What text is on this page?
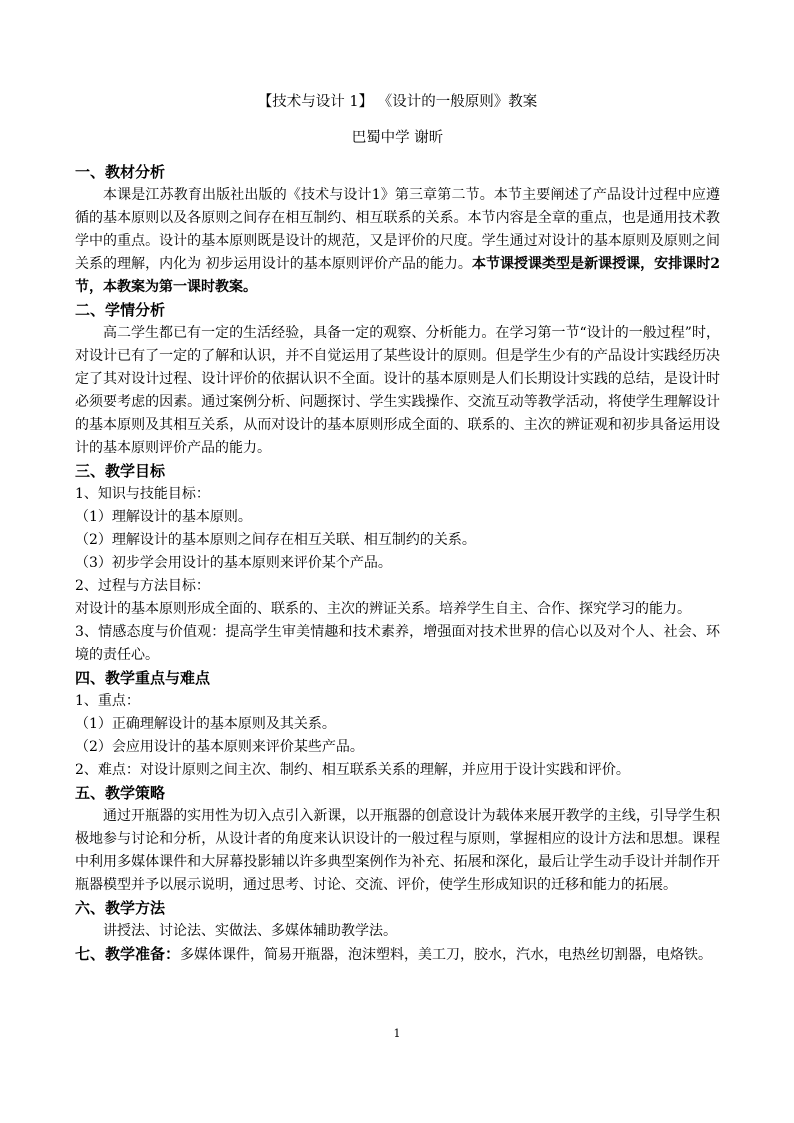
【技术与设计 1】 《设计的一般原则》教案
巴蜀中学 谢昕
一、教材分析
本课是江苏教育出版社出版的《技术与设计1》第三章第二节。本节主要阐述了产品设计过程中应遵循的基本原则以及各原则之间存在相互制约、相互联系的关系。本节内容是全章的重点，也是通用技术教学中的重点。设计的基本原则既是设计的规范，又是评价的尺度。学生通过对设计的基本原则及原则之间关系的理解，内化为 初步运用设计的基本原则评价产品的能力。本节课授课类型是新课授课，安排课时2节，本教案为第一课时教案。
二、学情分析
高二学生都已有一定的生活经验，具备一定的观察、分析能力。在学习第一节“设计的一般过程”时，对设计已有了一定的了解和认识，并不自觉运用了某些设计的原则。但是学生少有的产品设计实践经历决定了其对设计过程、设计评价的依据认识不全面。设计的基本原则是人们长期设计实践的总结，是设计时必须要考虑的因素。通过案例分析、问题探讨、学生实践操作、交流互动等教学活动，将使学生理解设计的基本原则及其相互关系，从而对设计的基本原则形成全面的、联系的、主次的辨证观和初步具备运用设计的基本原则评价产品的能力。
三、教学目标
1、知识与技能目标：
（1）理解设计的基本原则。
（2）理解设计的基本原则之间存在相互关联、相互制约的关系。
（3）初步学会用设计的基本原则来评价某个产品。
2、过程与方法目标：
对设计的基本原则形成全面的、联系的、主次的辨证关系。培养学生自主、合作、探究学习的能力。
3、情感态度与价值观：提高学生审美情趣和技术素养，增强面对技术世界的信心以及对个人、社会、环境的责任心。
四、教学重点与难点
1、重点：
（1）正确理解设计的基本原则及其关系。
（2）会应用设计的基本原则来评价某些产品。
2、难点：对设计原则之间主次、制约、相互联系关系的理解，并应用于设计实践和评价。
五、教学策略
通过开瓶器的实用性为切入点引入新课，以开瓶器的创意设计为载体来展开教学的主线，引导学生积极地参与讨论和分析，从设计者的角度来认识设计的一般过程与原则，掌握相应的设计方法和思想。课程中利用多媒体课件和大屏幕投影辅以许多典型案例作为补充、拓展和深化，最后让学生动手设计并制作开瓶器模型并予以展示说明，通过思考、讨论、交流、评价，使学生形成知识的迁移和能力的拓展。
六、教学方法
讲授法、讨论法、实做法、多媒体辅助教学法。
七、教学准备：多媒体课件，简易开瓶器，泡沫塑料，美工刀，胶水，汽水，电热丝切割器，电烙铁。
1
